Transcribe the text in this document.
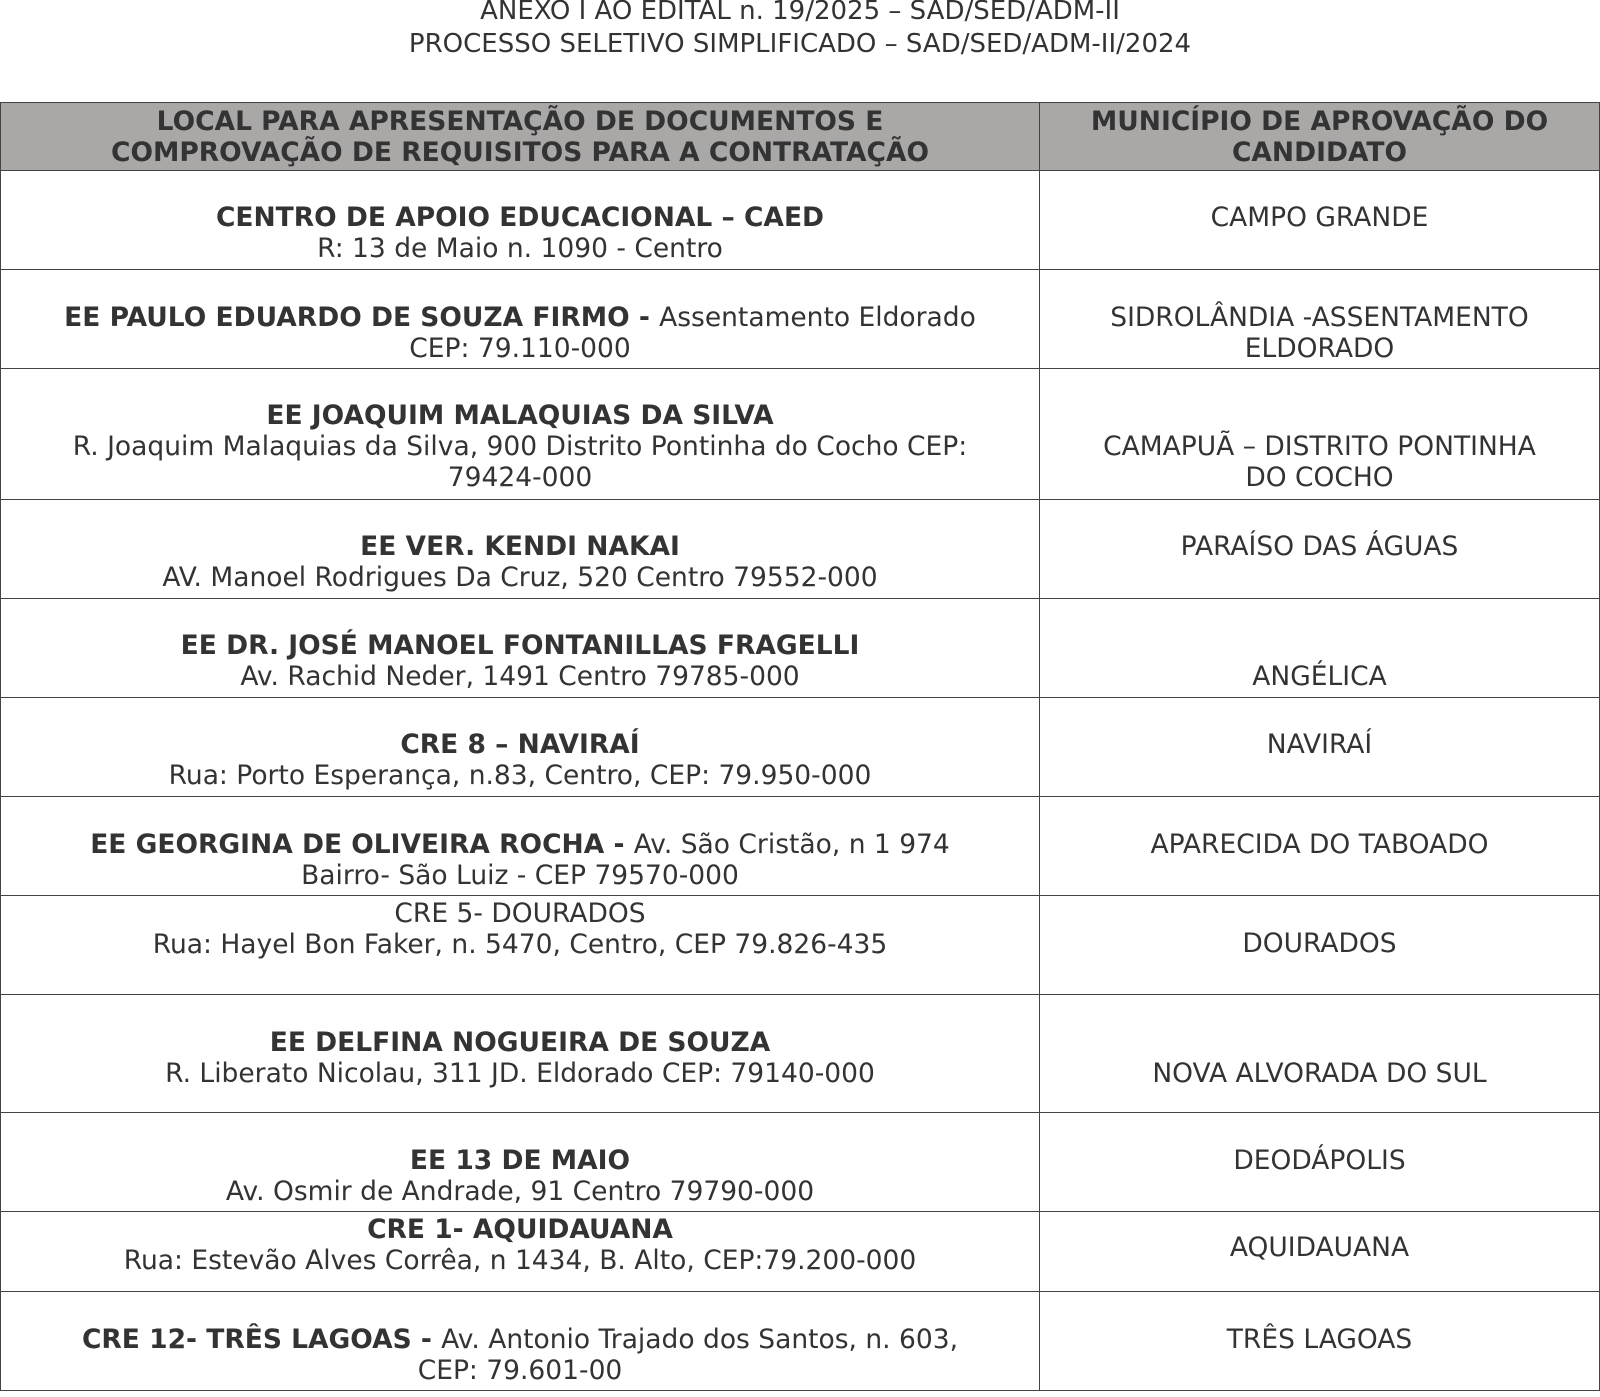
ANEXO I AO EDITAL n. 19/2025 – SAD/SED/ADM-II
PROCESSO SELETIVO SIMPLIFICADO – SAD/SED/ADM-II/2024
LOCAL PARA APRESENTAÇÃO DE DOCUMENTOS E
COMPROVAÇÃO DE REQUISITOS PARA A CONTRATAÇÃO	MUNICÍPIO DE APROVAÇÃO DO
CANDIDATO

CENTRO DE APOIO EDUCACIONAL – CAED
R: 13 de Maio n. 1090 - Centro	CAMPO GRANDE

EE PAULO EDUARDO DE SOUZA FIRMO - Assentamento Eldorado
CEP: 79.110-000	SIDROLÂNDIA -ASSENTAMENTO
ELDORADO

EE JOAQUIM MALAQUIAS DA SILVA
R. Joaquim Malaquias da Silva, 900 Distrito Pontinha do Cocho CEP:
79424-000	CAMAPUÃ – DISTRITO PONTINHA
DO COCHO

EE VER. KENDI NAKAI
AV. Manoel Rodrigues Da Cruz, 520 Centro 79552-000	PARAÍSO DAS ÁGUAS

EE DR. JOSÉ MANOEL FONTANILLAS FRAGELLI
Av. Rachid Neder, 1491 Centro 79785-000	ANGÉLICA

CRE 8 – NAVIRAÍ
Rua: Porto Esperança, n.83, Centro, CEP: 79.950-000	NAVIRAÍ

EE GEORGINA DE OLIVEIRA ROCHA - Av. São Cristão, n 1 974
Bairro- São Luiz - CEP 79570-000	APARECIDA DO TABOADO

CRE 5- DOURADOS
Rua: Hayel Bon Faker, n. 5470, Centro, CEP 79.826-435	DOURADOS

EE DELFINA NOGUEIRA DE SOUZA
R. Liberato Nicolau, 311 JD. Eldorado CEP: 79140-000	NOVA ALVORADA DO SUL

EE 13 DE MAIO
Av. Osmir de Andrade, 91 Centro 79790-000	DEODÁPOLIS

CRE 1- AQUIDAUANA
Rua: Estevão Alves Corrêa, n 1434, B. Alto, CEP:79.200-000	AQUIDAUANA

CRE 12- TRÊS LAGOAS - Av. Antonio Trajado dos Santos, n. 603,
CEP: 79.601-00	TRÊS LAGOAS
